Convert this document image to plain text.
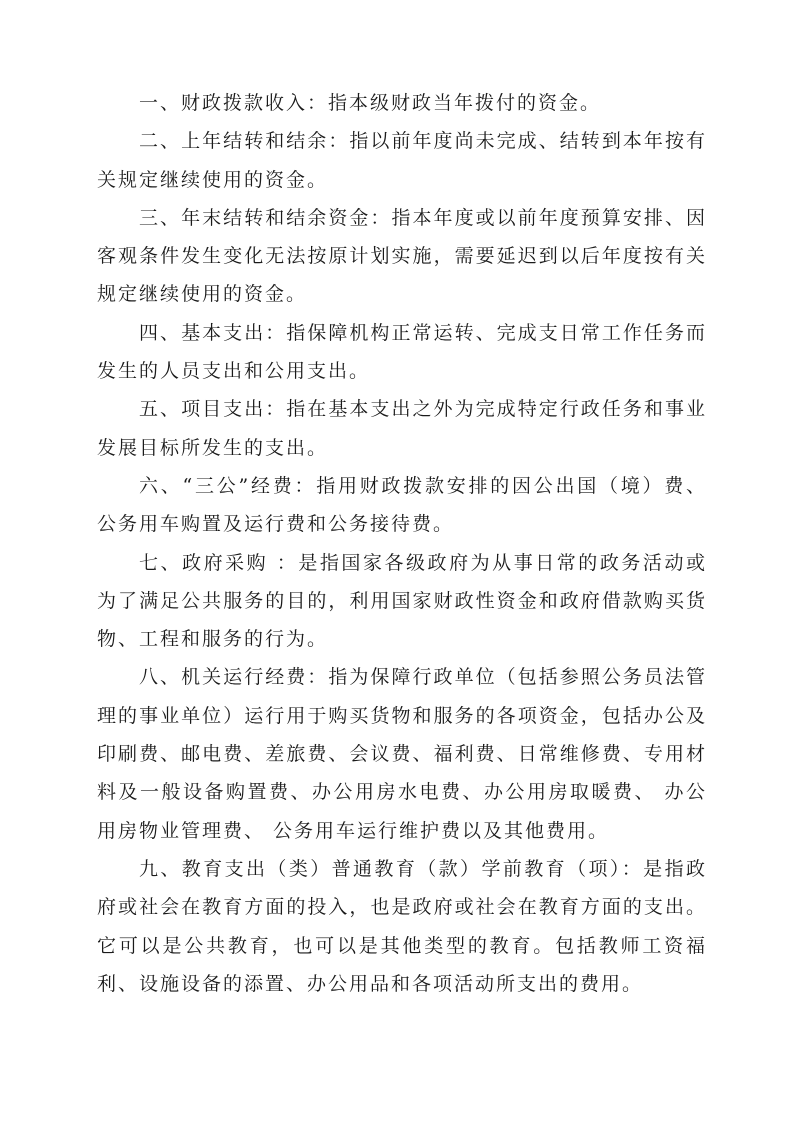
一、财政拨款收入：指本级财政当年拨付的资金。

二、上年结转和结余：指以前年度尚未完成、结转到本年按有关规定继续使用的资金。

三、年末结转和结余资金：指本年度或以前年度预算安排、因客观条件发生变化无法按原计划实施，需要延迟到以后年度按有关规定继续使用的资金。

四、基本支出：指保障机构正常运转、完成支日常工作任务而发生的人员支出和公用支出。

五、项目支出：指在基本支出之外为完成特定行政任务和事业发展目标所发生的支出。

六、“三公”经费：指用财政拨款安排的因公出国（境）费、公务用车购置及运行费和公务接待费。

七、政府采购 ：是指国家各级政府为从事日常的政务活动或为了满足公共服务的目的，利用国家财政性资金和政府借款购买货物、工程和服务的行为。

八、机关运行经费：指为保障行政单位（包括参照公务员法管理的事业单位）运行用于购买货物和服务的各项资金，包括办公及印刷费、邮电费、差旅费、会议费、福利费、日常维修费、专用材料及一般设备购置费、办公用房水电费、办公用房取暖费、 办公用房物业管理费、 公务用车运行维护费以及其他费用。

九、教育支出（类）普通教育（款）学前教育（项）：是指政府或社会在教育方面的投入，也是政府或社会在教育方面的支出。它可以是公共教育，也可以是其他类型的教育。包括教师工资福利、设施设备的添置、办公用品和各项活动所支出的费用。
